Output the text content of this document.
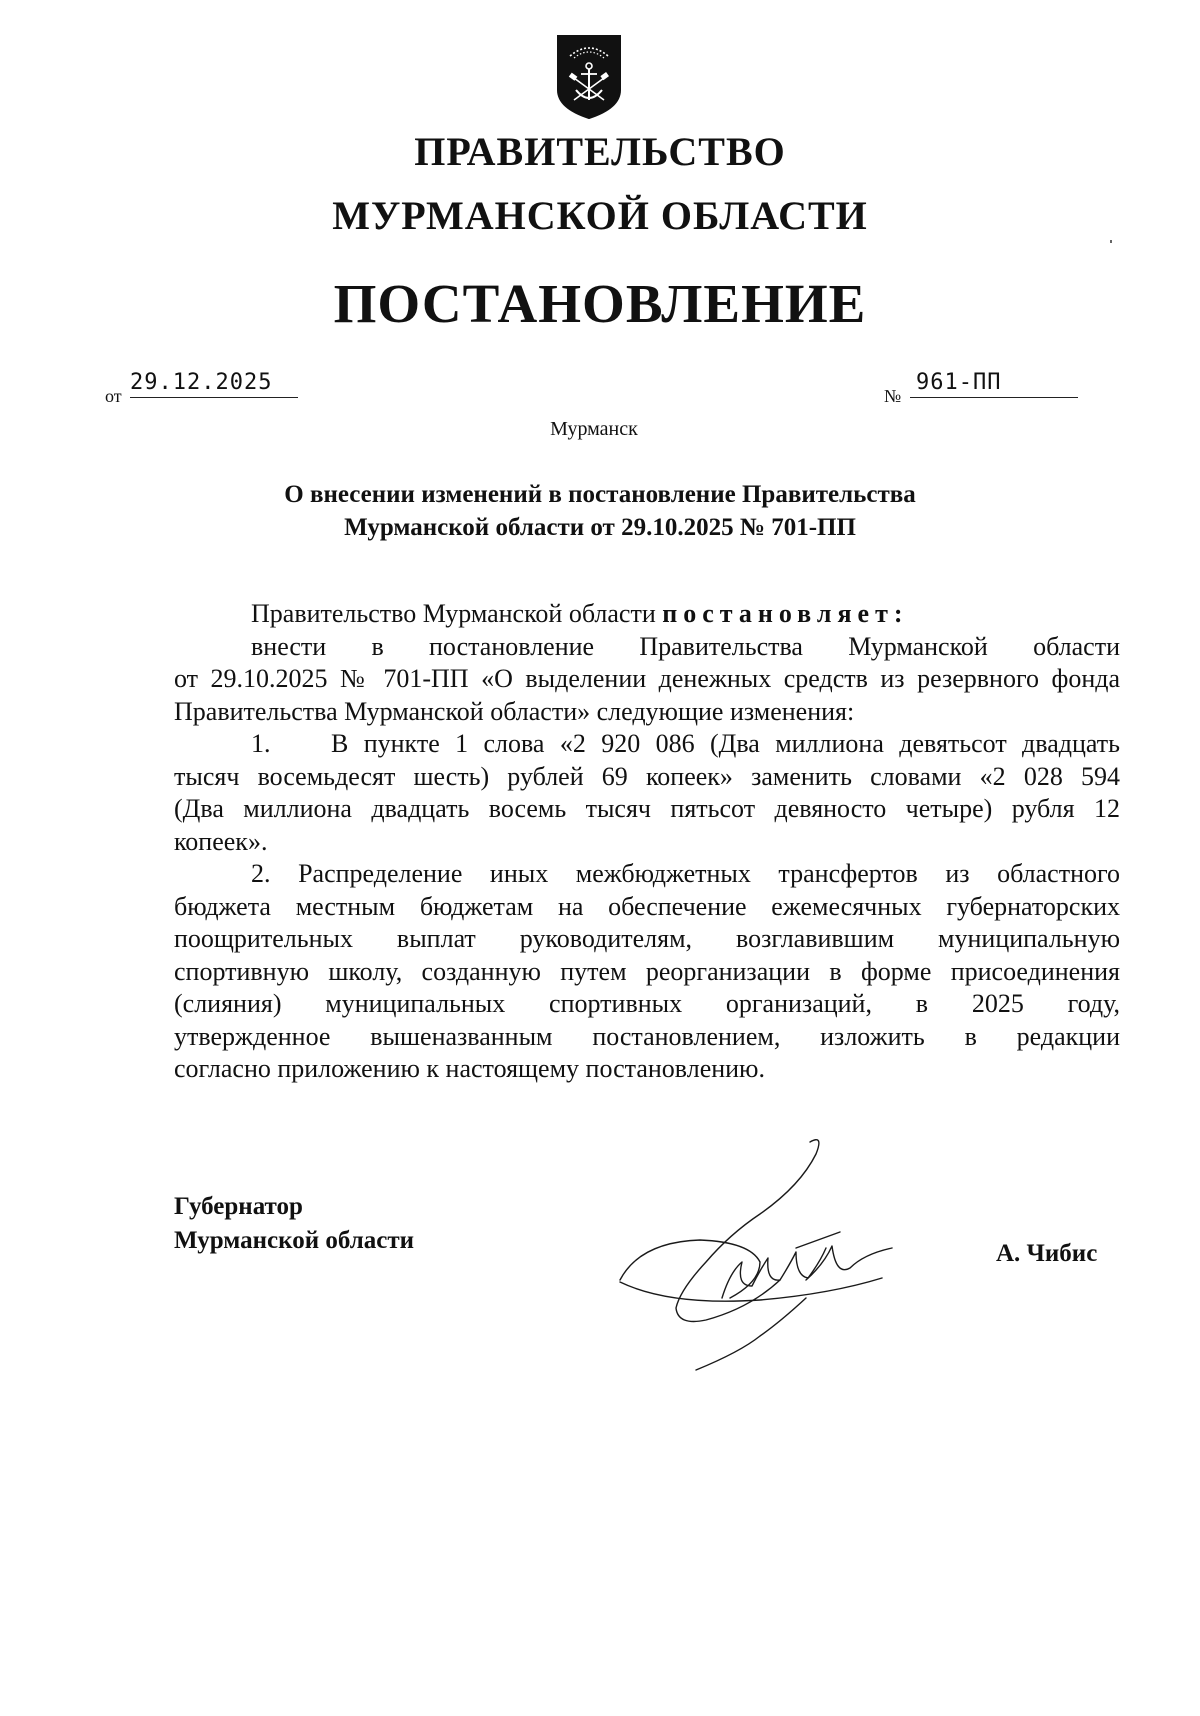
ПРАВИТЕЛЬСТВО
МУРМАНСКОЙ ОБЛАСТИ
ПОСТАНОВЛЕНИЕ
от
29.12.2025
№
961-ПП
Мурманск
О внесении изменений в постановление Правительства
Мурманской области от 29.10.2025 № 701-ПП
Правительство Мурманской области постановляет:
внести в постановление Правительства Мурманской области
от 29.10.2025 № 701-ПП «О выделении денежных средств из резервного фонда
Правительства Мурманской области» следующие изменения:
1.	В пункте 1 слова «2 920 086 (Два миллиона девятьсот двадцать
тысяч восемьдесят шесть) рублей 69 копеек» заменить словами «2 028 594
(Два миллиона двадцать восемь тысяч пятьсот девяносто четыре) рубля 12
копеек».
2. Распределение иных межбюджетных трансфертов из областного
бюджета местным бюджетам на обеспечение ежемесячных губернаторских
поощрительных выплат руководителям, возглавившим муниципальную
спортивную школу, созданную путем реорганизации в форме присоединения
(слияния) муниципальных спортивных организаций, в 2025 году,
утвержденное вышеназванным постановлением, изложить в редакции
согласно приложению к настоящему постановлению.
Губернатор
Мурманской области	А. Чибис
